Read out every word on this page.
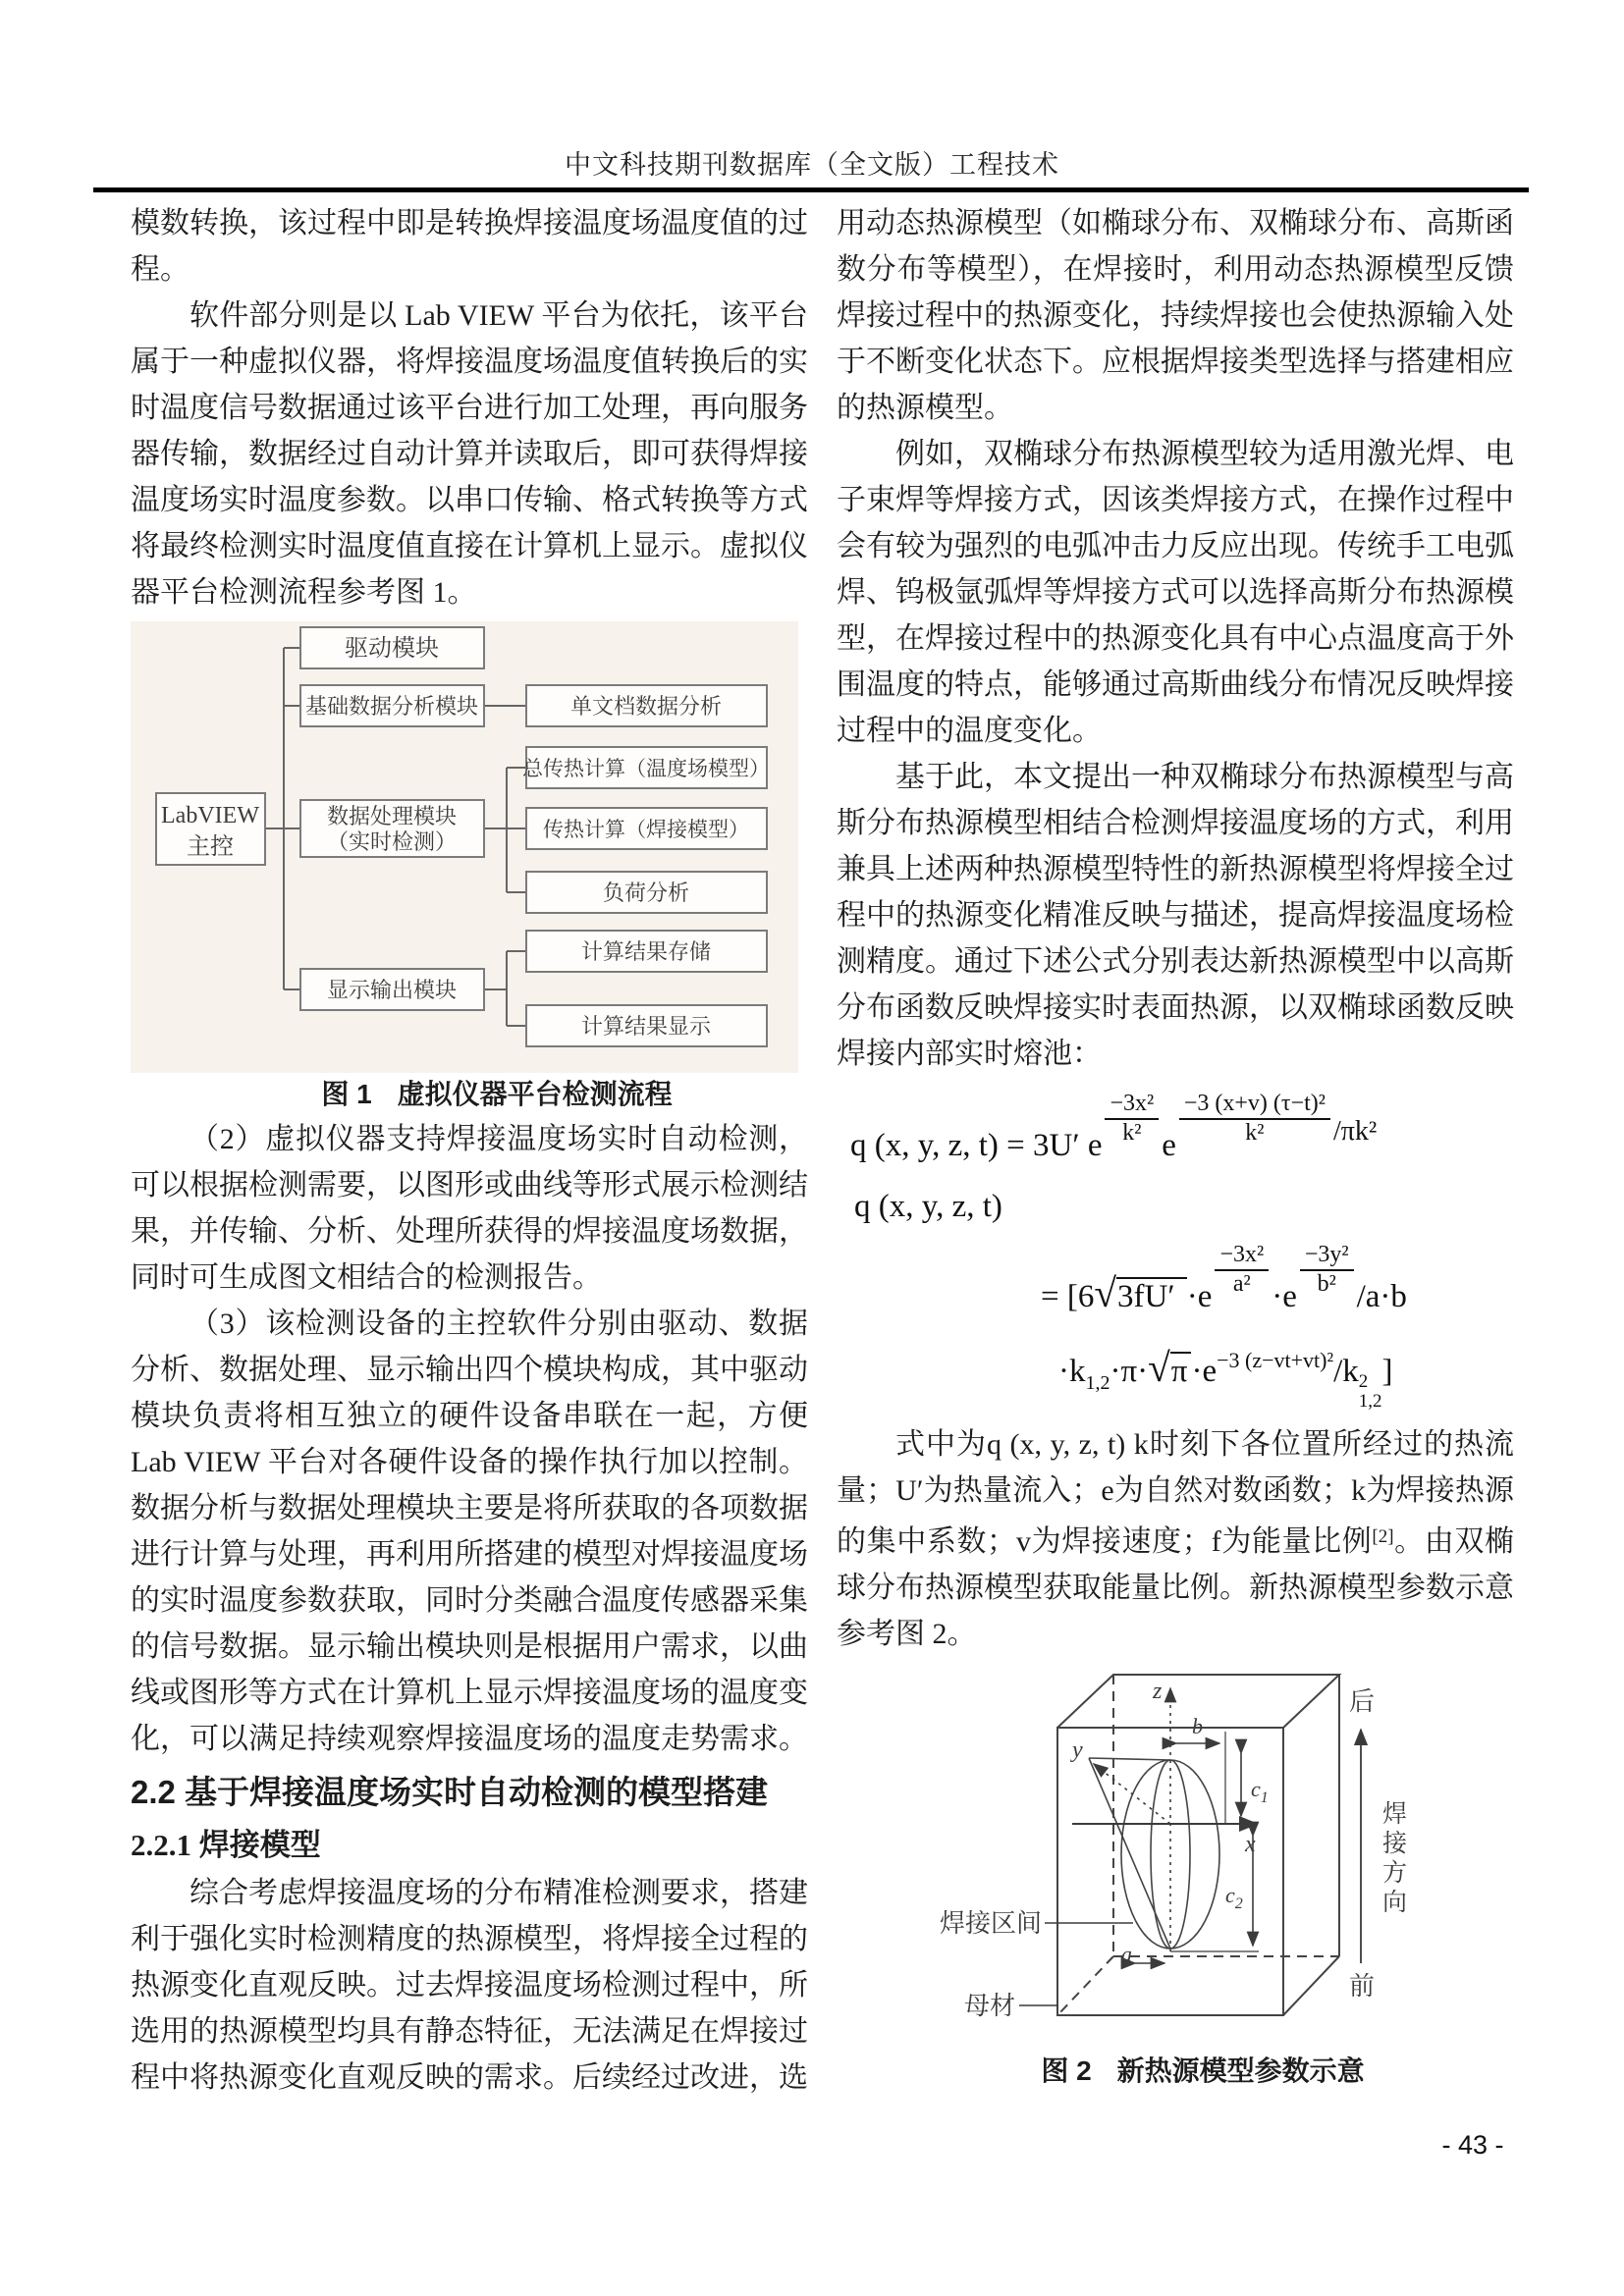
中文科技期刊数据库（全文版）工程技术

模数转换，该过程中即是转换焊接温度场温度值的过程。

软件部分则是以 Lab VIEW 平台为依托，该平台属于一种虚拟仪器，将焊接温度场温度值转换后的实时温度信号数据通过该平台进行加工处理，再向服务器传输，数据经过自动计算并读取后，即可获得焊接温度场实时温度参数。以串口传输、格式转换等方式将最终检测实时温度值直接在计算机上显示。虚拟仪器平台检测流程参考图 1。

LabVIEW
主控
驱动模块
基础数据分析模块	单文档数据分析
数据处理模块
（实时检测）
总传热计算（温度场模型）
传热计算（焊接模型）
负荷分析
计算结果存储
显示输出模块
计算结果显示

图 1 虚拟仪器平台检测流程

（2）虚拟仪器支持焊接温度场实时自动检测，可以根据检测需要，以图形或曲线等形式展示检测结果，并传输、分析、处理所获得的焊接温度场数据，同时可生成图文相结合的检测报告。

（3）该检测设备的主控软件分别由驱动、数据分析、数据处理、显示输出四个模块构成，其中驱动模块负责将相互独立的硬件设备串联在一起，方便 Lab VIEW 平台对各硬件设备的操作执行加以控制。数据分析与数据处理模块主要是将所获取的各项数据进行计算与处理，再利用所搭建的模型对焊接温度场的实时温度参数获取，同时分类融合温度传感器采集的信号数据。显示输出模块则是根据用户需求，以曲线或图形等方式在计算机上显示焊接温度场的温度变化，可以满足持续观察焊接温度场的温度走势需求。

2.2 基于焊接温度场实时自动检测的模型搭建
2.2.1 焊接模型

综合考虑焊接温度场的分布精准检测要求，搭建利于强化实时检测精度的热源模型，将焊接全过程的热源变化直观反映。过去焊接温度场检测过程中，所选用的热源模型均具有静态特征，无法满足在焊接过程中将热源变化直观反映的需求。后续经过改进，选

用动态热源模型（如椭球分布、双椭球分布、高斯函数分布等模型），在焊接时，利用动态热源模型反馈焊接过程中的热源变化，持续焊接也会使热源输入处于不断变化状态下。应根据焊接类型选择与搭建相应的热源模型。

例如，双椭球分布热源模型较为适用激光焊、电子束焊等焊接方式，因该类焊接方式，在操作过程中会有较为强烈的电弧冲击力反应出现。传统手工电弧焊、钨极氩弧焊等焊接方式可以选择高斯分布热源模型，在焊接过程中的热源变化具有中心点温度高于外围温度的特点，能够通过高斯曲线分布情况反映焊接过程中的温度变化。

基于此，本文提出一种双椭球分布热源模型与高斯分布热源模型相结合检测焊接温度场的方式，利用兼具上述两种热源模型特性的新热源模型将焊接全过程中的热源变化精准反映与描述，提高焊接温度场检测精度。通过下述公式分别表达新热源模型中以高斯分布函数反映焊接实时表面热源，以双椭球函数反映焊接内部实时熔池：

q (x, y, z, t) = 3U′ e $\frac{\text{−3x²}}{\text{k²}}$ e $\frac{\text{−3 (x+v) (τ−t)²}}{\text{k²}} ^{/\pi k^2}$
q (x, y, z, t)
= [$6√3fU' \cdot e \frac{\text{−3x²}}{\text{a²}} \cdot e \frac{\text{−3y²}}{\text{b²}} /a\cdot b$
$\cdot k_{1,2}\cdot\pi\cdot√\pi \cdot e^{-3 (z-vt+vt)^2}/k$ 2
1,2
]

式中为q (x, y, z, t) k时刻下各位置所经过的热流量；U′为热量流入；e为自然对数函数；k为焊接热源的集中系数；v为焊接速度；f为能量比例[2]。由双椭球分布热源模型获取能量比例。新热源模型参数示意参考图 2。

z
x
y
b
$c_1$
$c_2$
a
焊接区间
母材
后
前
焊
接
方
向

图 2 新热源模型参数示意

- 43 -
